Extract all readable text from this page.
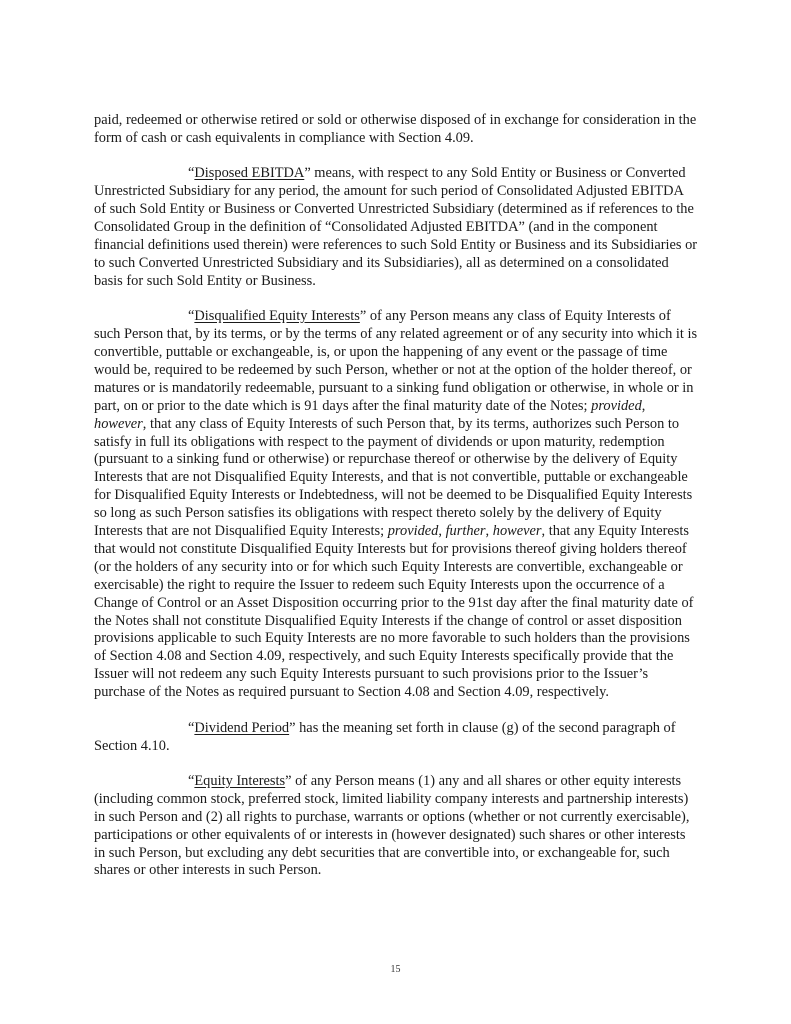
paid, redeemed or otherwise retired or sold or otherwise disposed of in exchange for consideration in the form of cash or cash equivalents in compliance with Section 4.09.

“Disposed EBITDA” means, with respect to any Sold Entity or Business or Converted Unrestricted Subsidiary for any period, the amount for such period of Consolidated Adjusted EBITDA of such Sold Entity or Business or Converted Unrestricted Subsidiary (determined as if references to the Consolidated Group in the definition of “Consolidated Adjusted EBITDA” (and in the component financial definitions used therein) were references to such Sold Entity or Business and its Subsidiaries or to such Converted Unrestricted Subsidiary and its Subsidiaries), all as determined on a consolidated basis for such Sold Entity or Business.

“Disqualified Equity Interests” of any Person means any class of Equity Interests of such Person that, by its terms, or by the terms of any related agreement or of any security into which it is convertible, puttable or exchangeable, is, or upon the happening of any event or the passage of time would be, required to be redeemed by such Person, whether or not at the option of the holder thereof, or matures or is mandatorily redeemable, pursuant to a sinking fund obligation or otherwise, in whole or in part, on or prior to the date which is 91 days after the final maturity date of the Notes; provided, however, that any class of Equity Interests of such Person that, by its terms, authorizes such Person to satisfy in full its obligations with respect to the payment of dividends or upon maturity, redemption (pursuant to a sinking fund or otherwise) or repurchase thereof or otherwise by the delivery of Equity Interests that are not Disqualified Equity Interests, and that is not convertible, puttable or exchangeable for Disqualified Equity Interests or Indebtedness, will not be deemed to be Disqualified Equity Interests so long as such Person satisfies its obligations with respect thereto solely by the delivery of Equity Interests that are not Disqualified Equity Interests; provided, further, however, that any Equity Interests that would not constitute Disqualified Equity Interests but for provisions thereof giving holders thereof (or the holders of any security into or for which such Equity Interests are convertible, exchangeable or exercisable) the right to require the Issuer to redeem such Equity Interests upon the occurrence of a Change of Control or an Asset Disposition occurring prior to the 91st day after the final maturity date of the Notes shall not constitute Disqualified Equity Interests if the change of control or asset disposition provisions applicable to such Equity Interests are no more favorable to such holders than the provisions of Section 4.08 and Section 4.09, respectively, and such Equity Interests specifically provide that the Issuer will not redeem any such Equity Interests pursuant to such provisions prior to the Issuer’s purchase of the Notes as required pursuant to Section 4.08 and Section 4.09, respectively.

“Dividend Period” has the meaning set forth in clause (g) of the second paragraph of Section 4.10.

“Equity Interests” of any Person means (1) any and all shares or other equity interests (including common stock, preferred stock, limited liability company interests and partnership interests) in such Person and (2) all rights to purchase, warrants or options (whether or not currently exercisable), participations or other equivalents of or interests in (however designated) such shares or other interests in such Person, but excluding any debt securities that are convertible into, or exchangeable for, such shares or other interests in such Person.

15
